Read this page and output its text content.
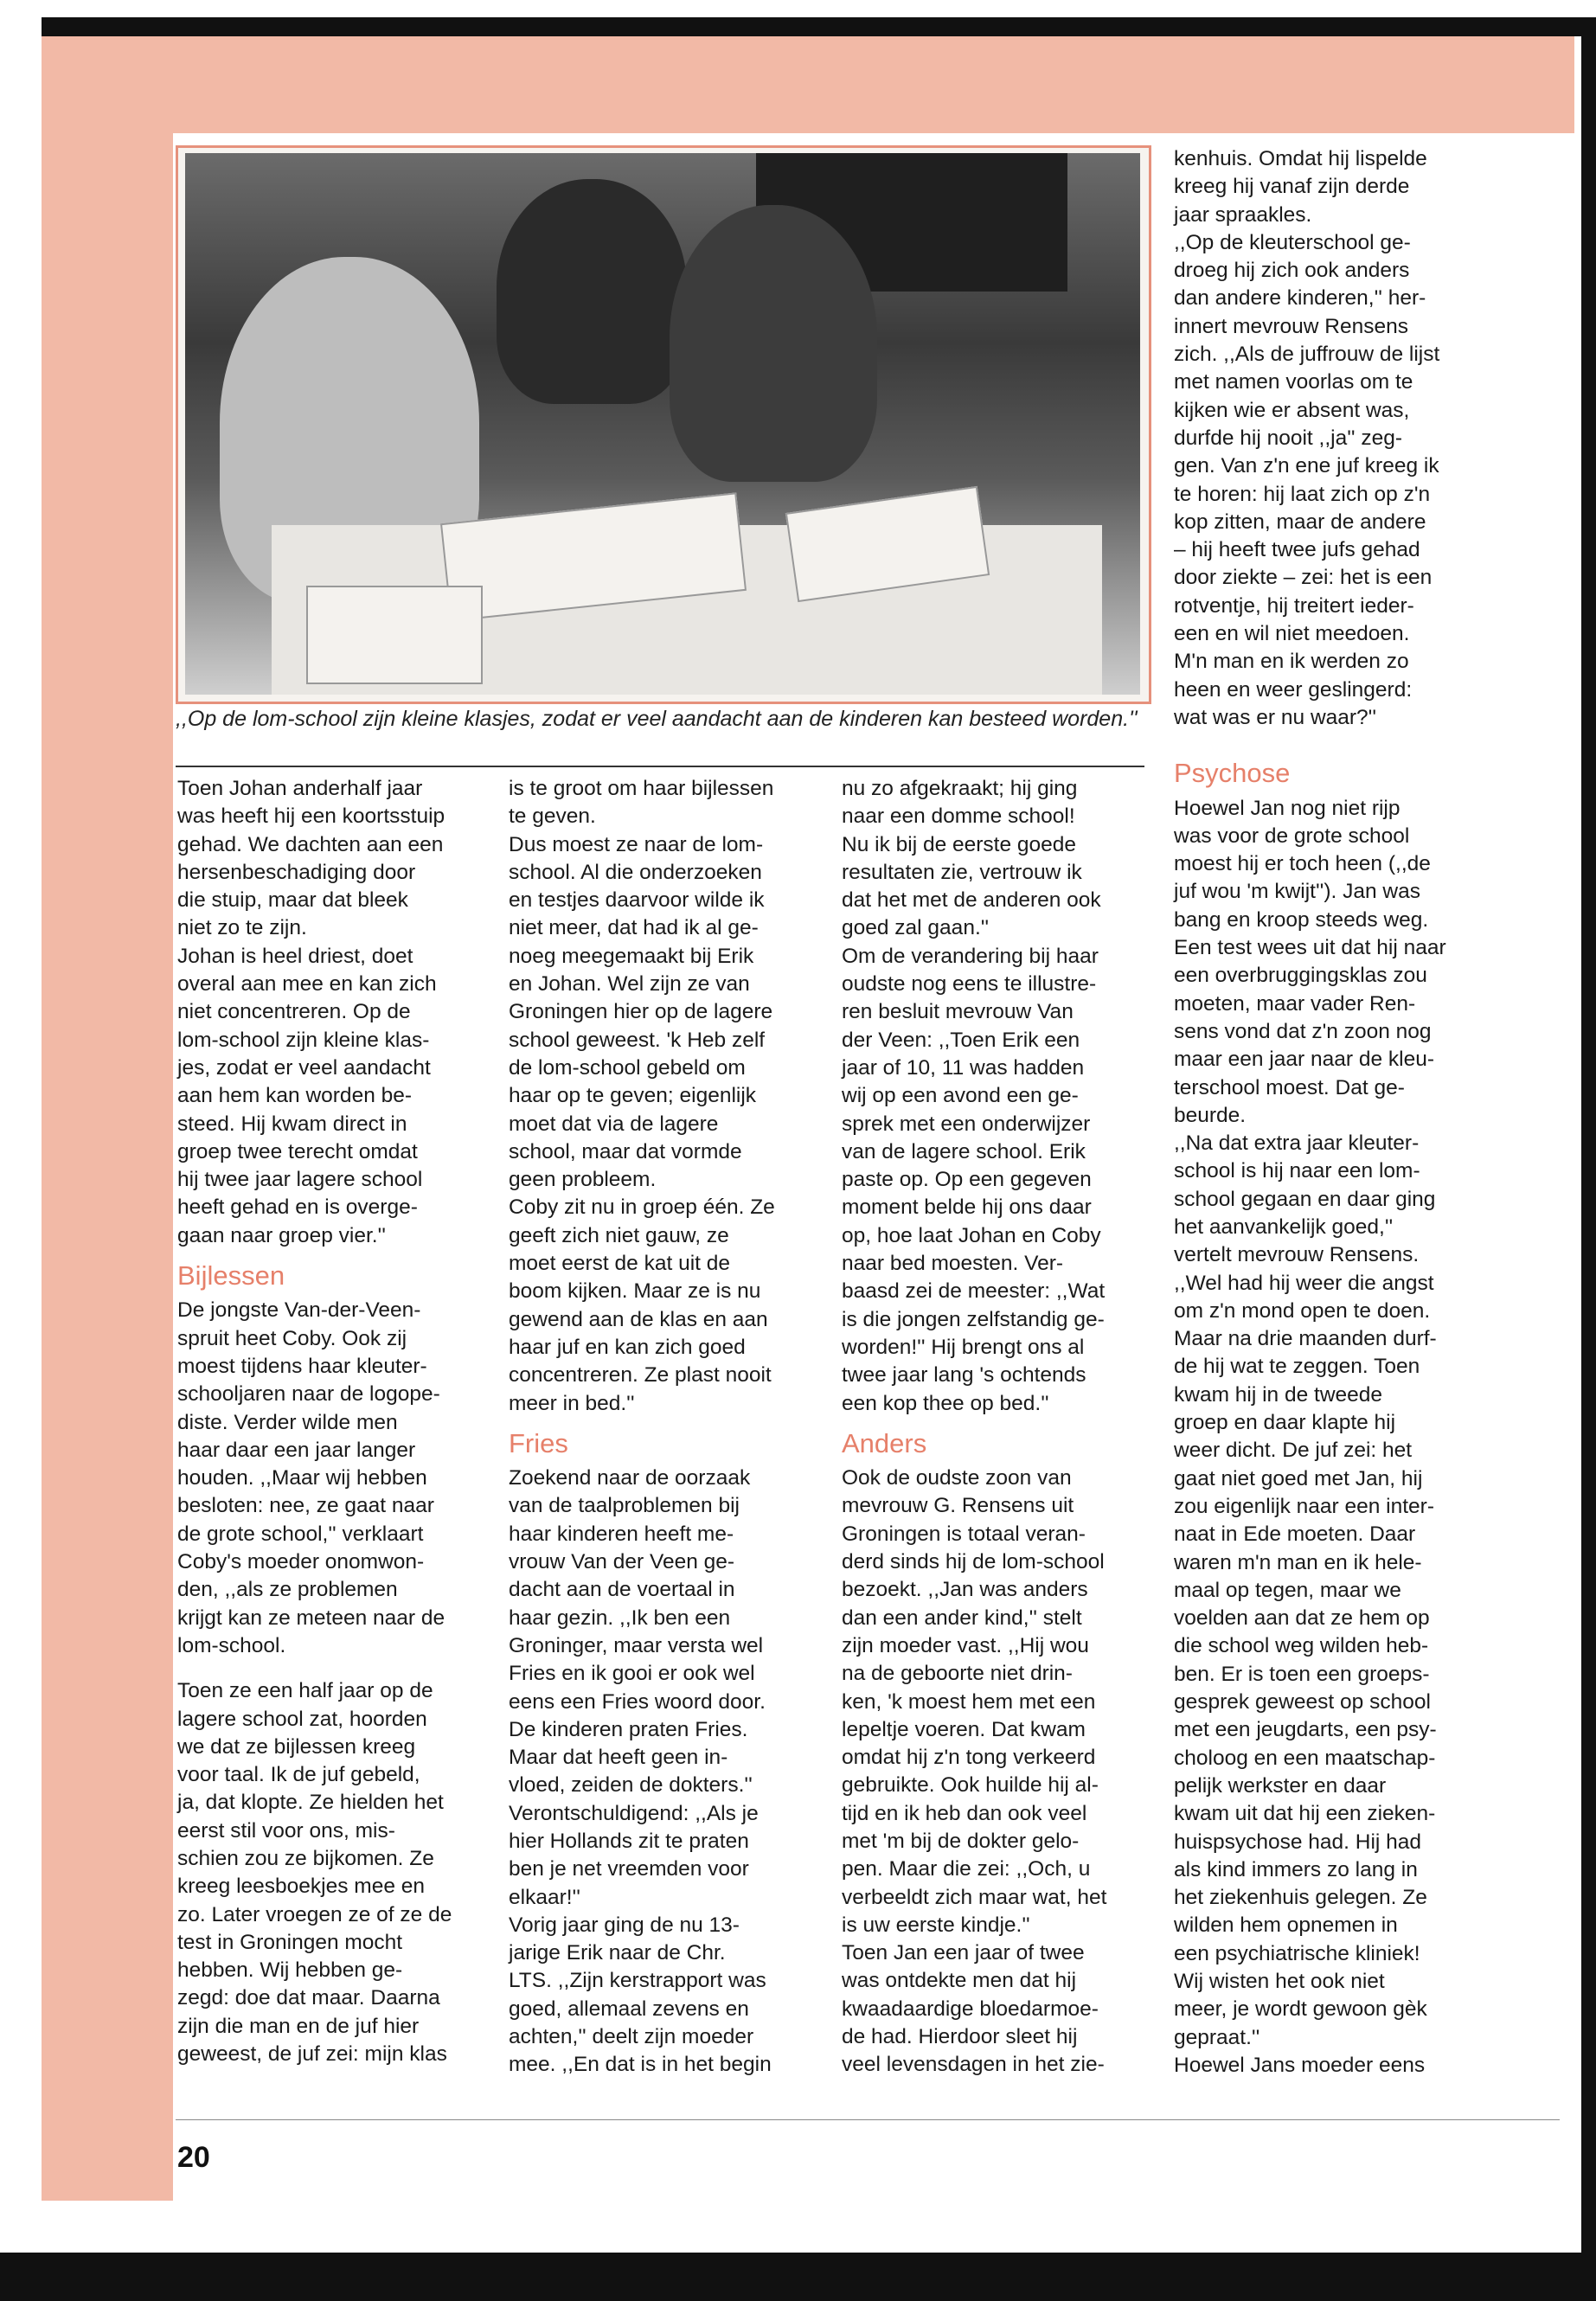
,,Op de lom-school zijn kleine klasjes, zodat er veel aandacht aan de kinderen kan besteed worden.''

Toen Johan anderhalf jaar
was heeft hij een koortsstuip
gehad. We dachten aan een
hersenbeschadiging door
die stuip, maar dat bleek
niet zo te zijn.
Johan is heel driest, doet
overal aan mee en kan zich
niet concentreren. Op de
lom-school zijn kleine klas-
jes, zodat er veel aandacht
aan hem kan worden be-
steed. Hij kwam direct in
groep twee terecht omdat
hij twee jaar lagere school
heeft gehad en is overge-
gaan naar groep vier.''

Bijlessen

De jongste Van-der-Veen-
spruit heet Coby. Ook zij
moest tijdens haar kleuter-
schooljaren naar de logope-
diste. Verder wilde men
haar daar een jaar langer
houden. ,,Maar wij hebben
besloten: nee, ze gaat naar
de grote school,'' verklaart
Coby's moeder onomwon-
den, ,,als ze problemen
krijgt kan ze meteen naar de
lom-school.

Toen ze een half jaar op de
lagere school zat, hoorden
we dat ze bijlessen kreeg
voor taal. Ik de juf gebeld,
ja, dat klopte. Ze hielden het
eerst stil voor ons, mis-
schien zou ze bijkomen. Ze
kreeg leesboekjes mee en
zo. Later vroegen ze of ze de
test in Groningen mocht
hebben. Wij hebben ge-
zegd: doe dat maar. Daarna
zijn die man en de juf hier
geweest, de juf zei: mijn klas

is te groot om haar bijlessen
te geven.
Dus moest ze naar de lom-
school. Al die onderzoeken
en testjes daarvoor wilde ik
niet meer, dat had ik al ge-
noeg meegemaakt bij Erik
en Johan. Wel zijn ze van
Groningen hier op de lagere
school geweest. 'k Heb zelf
de lom-school gebeld om
haar op te geven; eigenlijk
moet dat via de lagere
school, maar dat vormde
geen probleem.
Coby zit nu in groep één. Ze
geeft zich niet gauw, ze
moet eerst de kat uit de
boom kijken. Maar ze is nu
gewend aan de klas en aan
haar juf en kan zich goed
concentreren. Ze plast nooit
meer in bed.''

Fries

Zoekend naar de oorzaak
van de taalproblemen bij
haar kinderen heeft me-
vrouw Van der Veen ge-
dacht aan de voertaal in
haar gezin. ,,Ik ben een
Groninger, maar versta wel
Fries en ik gooi er ook wel
eens een Fries woord door.
De kinderen praten Fries.
Maar dat heeft geen in-
vloed, zeiden de dokters.''
Verontschuldigend: ,,Als je
hier Hollands zit te praten
ben je net vreemden voor
elkaar!''
Vorig jaar ging de nu 13-
jarige Erik naar de Chr.
LTS. ,,Zijn kerstrapport was
goed, allemaal zevens en
achten,'' deelt zijn moeder
mee. ,,En dat is in het begin

nu zo afgekraakt; hij ging
naar een domme school!
Nu ik bij de eerste goede
resultaten zie, vertrouw ik
dat het met de anderen ook
goed zal gaan.''
Om de verandering bij haar
oudste nog eens te illustre-
ren besluit mevrouw Van
der Veen: ,,Toen Erik een
jaar of 10, 11 was hadden
wij op een avond een ge-
sprek met een onderwijzer
van de lagere school. Erik
paste op. Op een gegeven
moment belde hij ons daar
op, hoe laat Johan en Coby
naar bed moesten. Ver-
baasd zei de meester: ,,Wat
is die jongen zelfstandig ge-
worden!'' Hij brengt ons al
twee jaar lang 's ochtends
een kop thee op bed.''

Anders

Ook de oudste zoon van
mevrouw G. Rensens uit
Groningen is totaal veran-
derd sinds hij de lom-school
bezoekt. ,,Jan was anders
dan een ander kind,'' stelt
zijn moeder vast. ,,Hij wou
na de geboorte niet drin-
ken, 'k moest hem met een
lepeltje voeren. Dat kwam
omdat hij z'n tong verkeerd
gebruikte. Ook huilde hij al-
tijd en ik heb dan ook veel
met 'm bij de dokter gelo-
pen. Maar die zei: ,,Och, u
verbeeldt zich maar wat, het
is uw eerste kindje.''
Toen Jan een jaar of twee
was ontdekte men dat hij
kwaadaardige bloedarmoe-
de had. Hierdoor sleet hij
veel levensdagen in het zie-

kenhuis. Omdat hij lispelde
kreeg hij vanaf zijn derde
jaar spraakles.
,,Op de kleuterschool ge-
droeg hij zich ook anders
dan andere kinderen,'' her-
innert mevrouw Rensens
zich. ,,Als de juffrouw de lijst
met namen voorlas om te
kijken wie er absent was,
durfde hij nooit ,,ja'' zeg-
gen. Van z'n ene juf kreeg ik
te horen: hij laat zich op z'n
kop zitten, maar de andere
– hij heeft twee jufs gehad
door ziekte – zei: het is een
rotventje, hij treitert ieder-
een en wil niet meedoen.
M'n man en ik werden zo
heen en weer geslingerd:
wat was er nu waar?''

Psychose

Hoewel Jan nog niet rijp
was voor de grote school
moest hij er toch heen (,,de
juf wou 'm kwijt''). Jan was
bang en kroop steeds weg.
Een test wees uit dat hij naar
een overbruggingsklas zou
moeten, maar vader Ren-
sens vond dat z'n zoon nog
maar een jaar naar de kleu-
terschool moest. Dat ge-
beurde.
,,Na dat extra jaar kleuter-
school is hij naar een lom-
school gegaan en daar ging
het aanvankelijk goed,''
vertelt mevrouw Rensens.
,,Wel had hij weer die angst
om z'n mond open te doen.
Maar na drie maanden durf-
de hij wat te zeggen. Toen
kwam hij in de tweede
groep en daar klapte hij
weer dicht. De juf zei: het
gaat niet goed met Jan, hij
zou eigenlijk naar een inter-
naat in Ede moeten. Daar
waren m'n man en ik hele-
maal op tegen, maar we
voelden aan dat ze hem op
die school weg wilden heb-
ben. Er is toen een groeps-
gesprek geweest op school
met een jeugdarts, een psy-
choloog en een maatschap-
pelijk werkster en daar
kwam uit dat hij een zieken-
huispsychose had. Hij had
als kind immers zo lang in
het ziekenhuis gelegen. Ze
wilden hem opnemen in
een psychiatrische kliniek!
Wij wisten het ook niet
meer, je wordt gewoon gèk
gepraat.''
Hoewel Jans moeder eens

20
